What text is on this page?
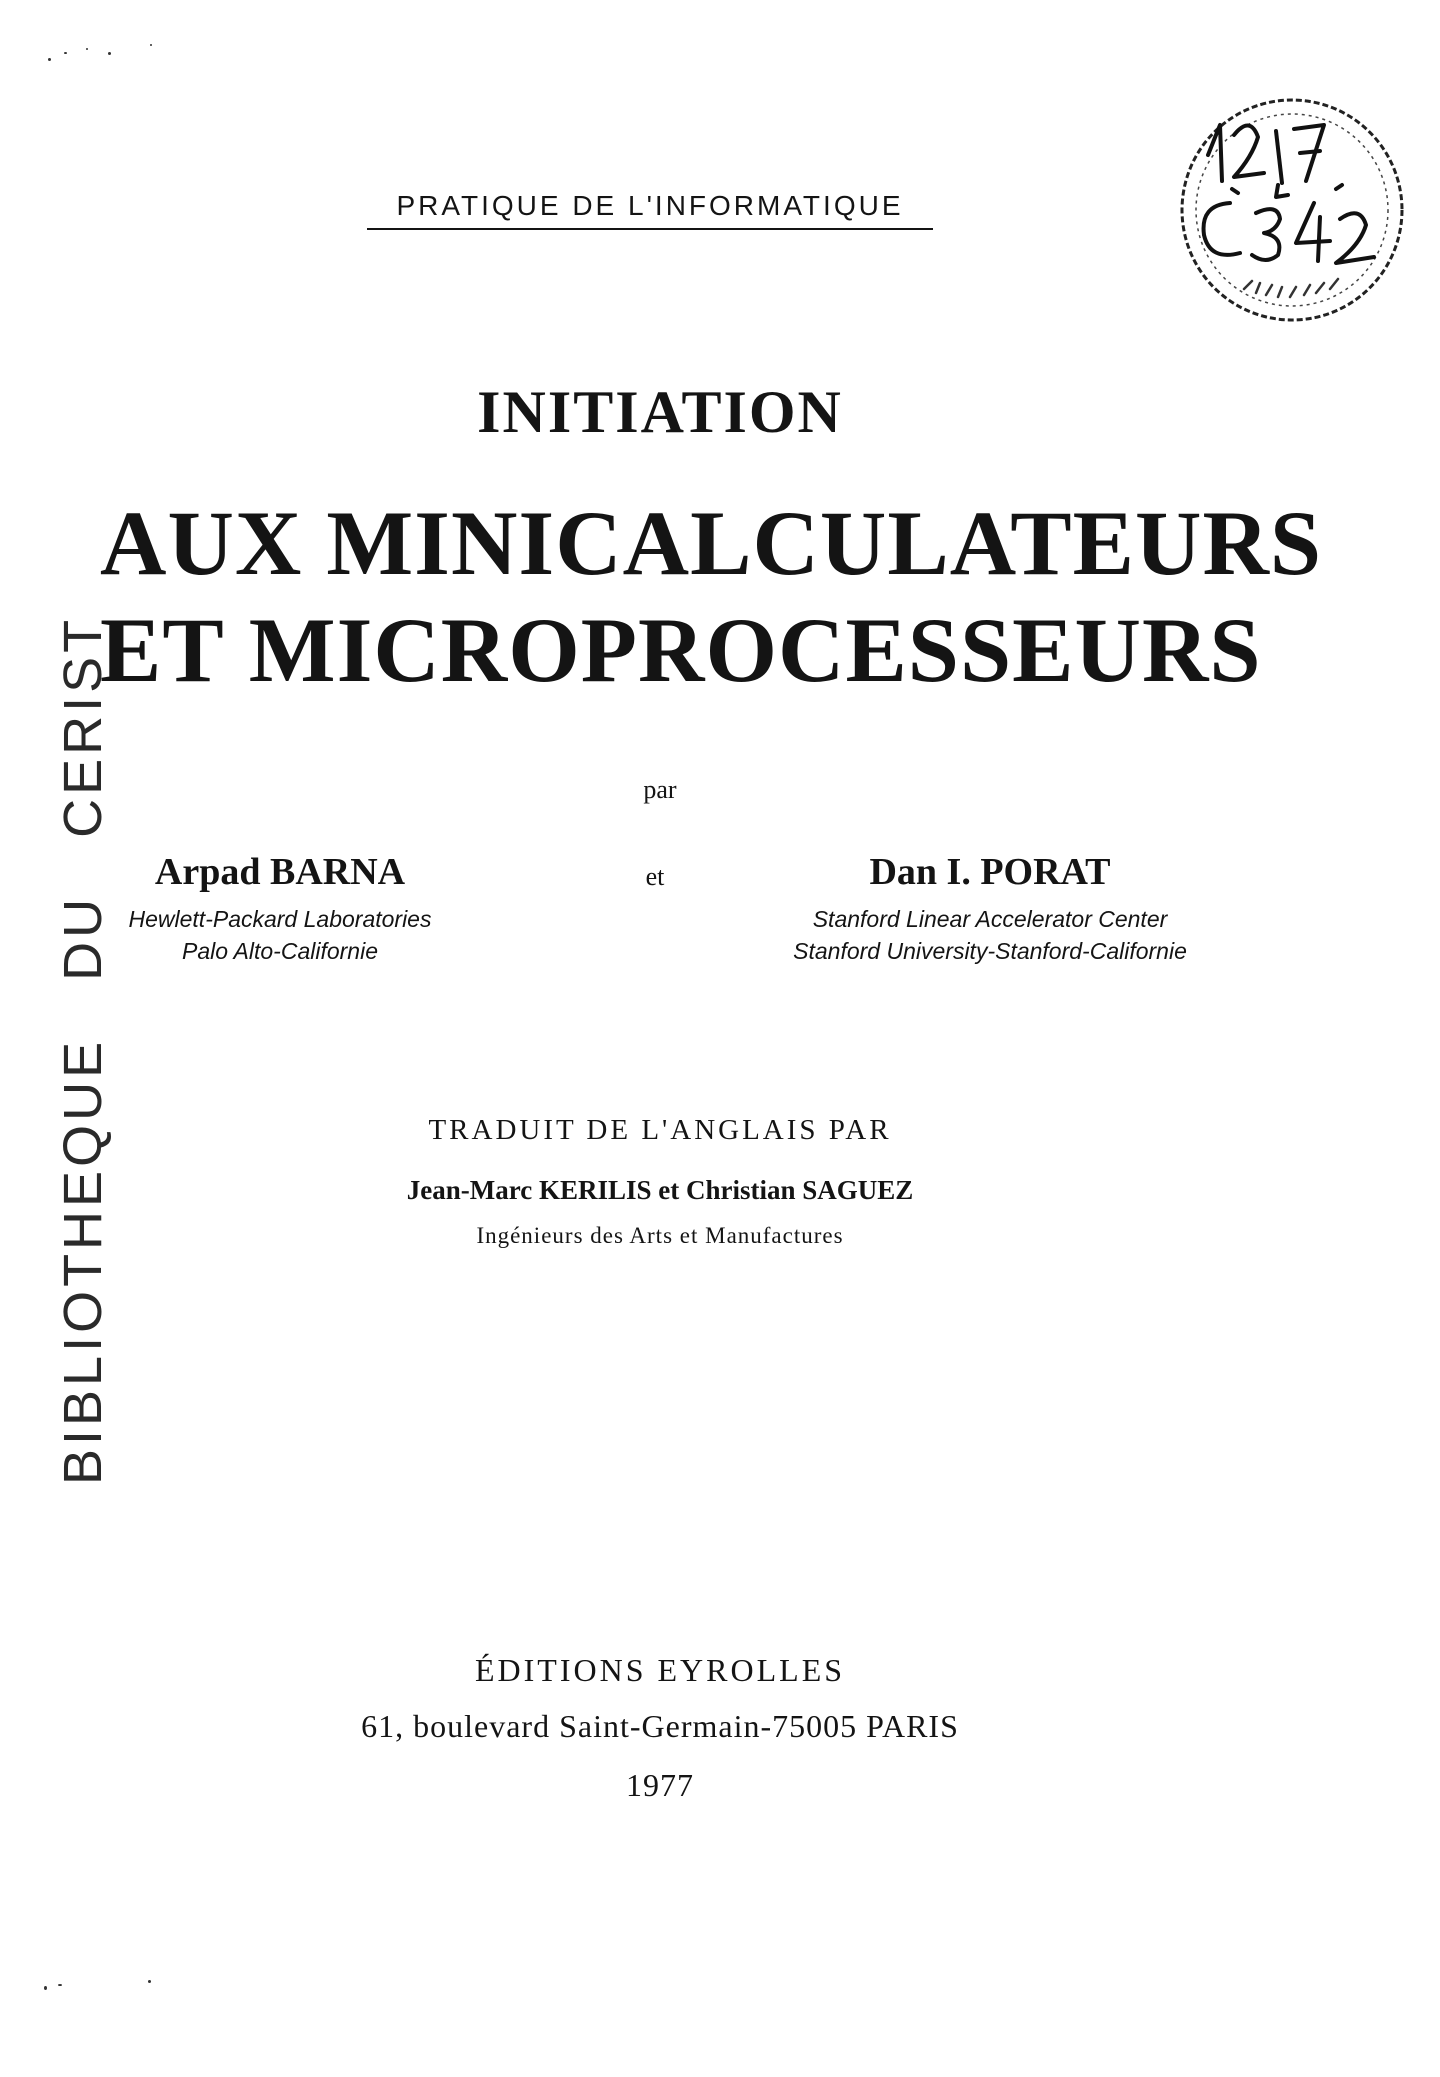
PRATIQUE DE L'INFORMATIQUE
INITIATION
AUX MINICALCULATEURS
ET MICROPROCESSEURS
par
Arpad BARNA
Hewlett-Packard Laboratories
Palo Alto-Californie
et	Dan I. PORAT
Stanford Linear Accelerator Center
Stanford University-Stanford-Californie
TRADUIT DE L'ANGLAIS PAR
Jean-Marc KERILIS et Christian SAGUEZ
Ingénieurs des Arts et Manufactures
ÉDITIONS EYROLLES
61, boulevard Saint-Germain-75005 PARIS
1977
BIBLIOTHEQUE   DU   CERIST
